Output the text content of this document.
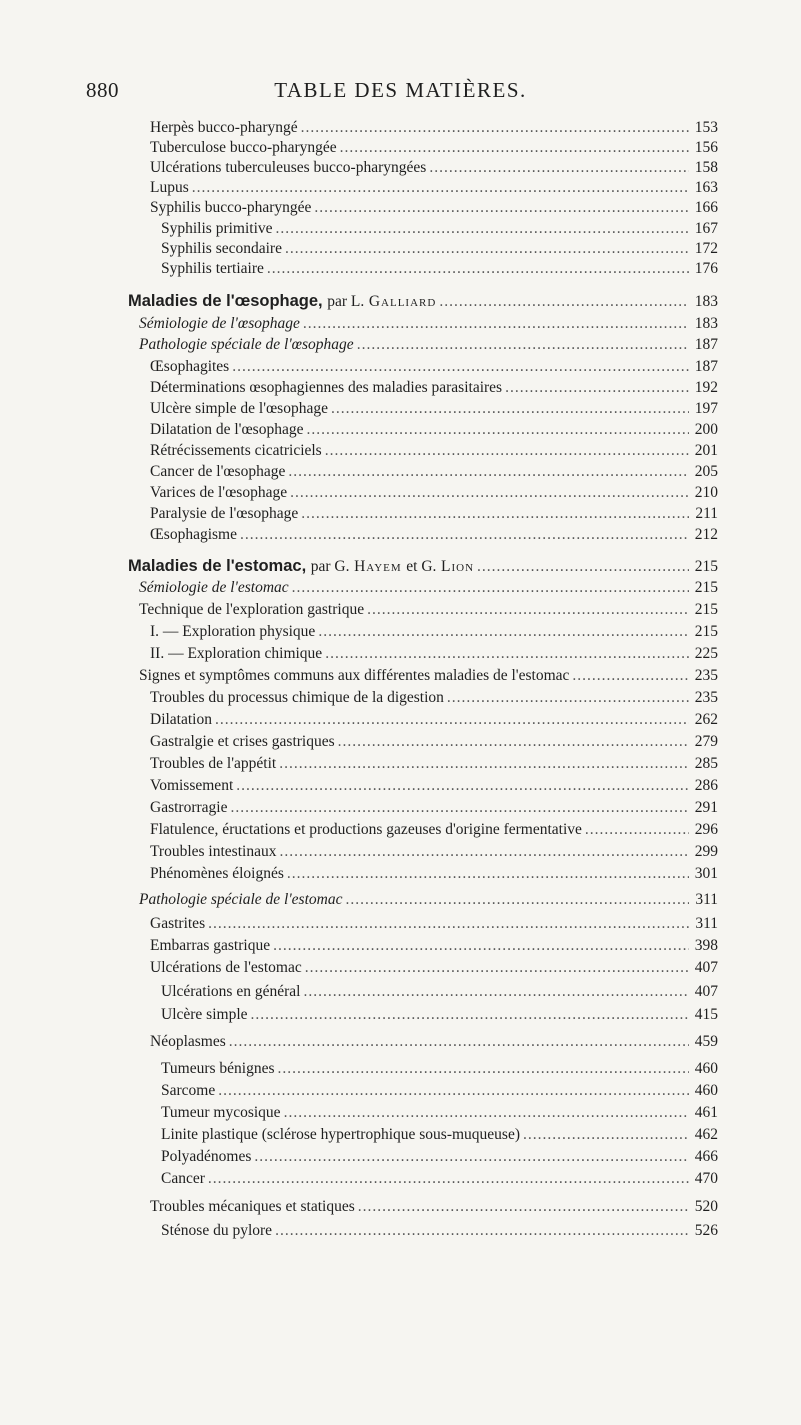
880	TABLE DES MATIÈRES.
Herpès bucco-pharyngé .....	153
Tuberculose bucco-pharyngée .....	156
Ulcérations tuberculeuses bucco-pharyngées .....	158
Lupus .....	163
Syphilis bucco-pharyngée .....	166
Syphilis primitive .....	167
Syphilis secondaire .....	172
Syphilis tertiaire .....	176
Maladies de l'œsophage, par L. Galliard .....	183
Sémiologie de l'œsophage .....	183
Pathologie spéciale de l'œsophage .....	187
Œsophagites .....	187
Déterminations œsophagiennes des maladies parasitaires .....	192
Ulcère simple de l'œsophage .....	197
Dilatation de l'œsophage .....	200
Rétrécissements cicatriciels .....	201
Cancer de l'œsophage .....	205
Varices de l'œsophage .....	210
Paralysie de l'œsophage .....	211
Œsophagisme .....	212
Maladies de l'estomac, par G. Hayem et G. Lion .....	215
Sémiologie de l'estomac .....	215
Technique de l'exploration gastrique .....	215
I. — Exploration physique .....	215
II. — Exploration chimique .....	225
Signes et symptômes communs aux différentes maladies de l'estomac .....	235
Troubles du processus chimique de la digestion .....	235
Dilatation .....	262
Gastralgie et crises gastriques .....	279
Troubles de l'appétit .....	285
Vomissement .....	286
Gastrorragie .....	291
Flatulence, éructations et productions gazeuses d'origine fermentative .....	296
Troubles intestinaux .....	299
Phénomènes éloignés .....	301
Pathologie spéciale de l'estomac .....	311
Gastrites .....	311
Embarras gastrique .....	398
Ulcérations de l'estomac .....	407
Ulcérations en général .....	407
Ulcère simple .....	415
Néoplasmes .....	459
Tumeurs bénignes .....	460
Sarcome .....	460
Tumeur mycosique .....	461
Linite plastique (sclérose hypertrophique sous-muqueuse) .....	462
Polyadénomes .....	466
Cancer .....	470
Troubles mécaniques et statiques .....	520
Sténose du pylore .....	526
